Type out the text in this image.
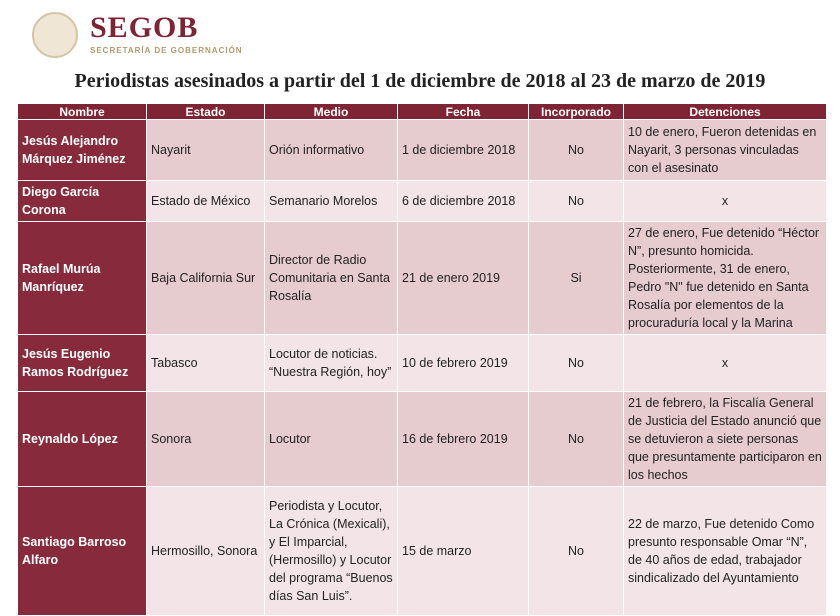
SEGOB
SECRETARÍA DE GOBERNACIÓN
Periodistas asesinados a partir del 1 de diciembre de 2018 al 23 de marzo de 2019
Nombre	Estado	Medio	Fecha	Incorporado	Detenciones
Jesús Alejandro Márquez Jiménez	Nayarit	Orión informativo	1 de diciembre 2018	No	10 de enero, Fueron detenidas en Nayarit, 3 personas vinculadas con el asesinato
Diego García Corona	Estado de México	Semanario Morelos	6 de diciembre 2018	No	x
Rafael Murúa Manríquez	Baja California Sur	Director de Radio Comunitaria en Santa Rosalía	21 de enero 2019	Si	27 de enero, Fue detenido “Héctor N”, presunto homicida. Posteriormente, 31 de enero, Pedro "N" fue detenido en Santa Rosalía por elementos de la procuraduría local y la Marina
Jesús Eugenio Ramos Rodríguez	Tabasco	Locutor de noticias. “Nuestra Región, hoy”	10 de febrero 2019	No	x
Reynaldo López	Sonora	Locutor	16 de febrero 2019	No	21 de febrero, la Fiscalía General de Justicia del Estado anunció que se detuvieron a siete personas que presuntamente participaron en los hechos
Santiago Barroso Alfaro	Hermosillo, Sonora	Periodista y Locutor, La Crónica (Mexicali), y El Imparcial, (Hermosillo) y Locutor del programa “Buenos días San Luis”.	15 de marzo	No	22 de marzo, Fue detenido Como presunto responsable Omar “N”, de 40 años de edad, trabajador sindicalizado del Ayuntamiento
